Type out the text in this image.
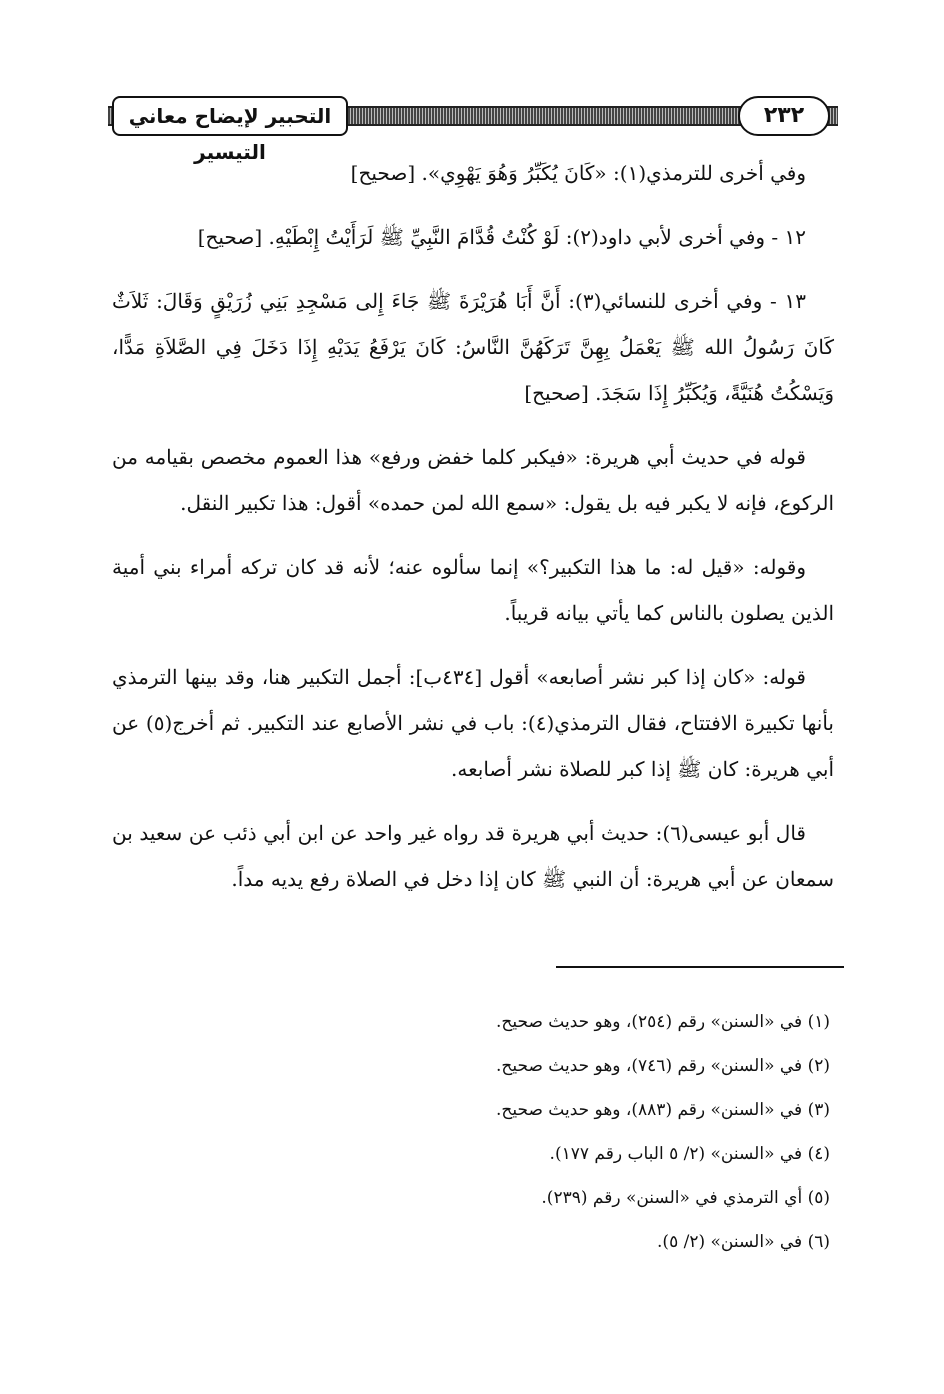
التحبير لإيضاح معاني التيسير
٢٣٢

وفي أخرى للترمذي(١): «كَانَ يُكَبِّرُ وَهُوَ يَهْوِي». [صحيح]

١٢ - وفي أخرى لأبي داود(٢): لَوْ كُنْتُ قُدَّامَ النَّبِيِّ ﷺ لَرَأَيْتُ إِبْطَيْهِ. [صحيح]

١٣ - وفي أخرى للنسائي(٣): أَنَّ أَبَا هُرَيْرَةَ ﷺ جَاءَ إِلى مَسْجِدِ بَنِي زُرَيْقٍ وَقَالَ: ثَلاَثٌ كَانَ رَسُولُ الله ﷺ يَعْمَلُ بِهِنَّ تَرَكَهُنَّ النَّاسُ: كَانَ يَرْفَعُ يَدَيْهِ إِذَا دَخَلَ فِي الصَّلاَةِ مَدًّا، وَيَسْكُتُ هُنَيَّةً، وَيُكَبِّرُ إِذَا سَجَدَ. [صحيح]

قوله في حديث أبي هريرة: «فيكبر كلما خفض ورفع» هذا العموم مخصص بقيامه من الركوع، فإنه لا يكبر فيه بل يقول: «سمع الله لمن حمده» أقول: هذا تكبير النقل.

وقوله: «قيل له: ما هذا التكبير؟» إنما سألوه عنه؛ لأنه قد كان تركه أمراء بني أمية الذين يصلون بالناس كما يأتي بيانه قريباً.

قوله: «كان إذا كبر نشر أصابعه» أقول [٤٣٤ب]: أجمل التكبير هنا، وقد بينها الترمذي بأنها تكبيرة الافتتاح، فقال الترمذي(٤): باب في نشر الأصابع عند التكبير. ثم أخرج(٥) عن أبي هريرة: كان ﷺ إذا كبر للصلاة نشر أصابعه.

قال أبو عيسى(٦): حديث أبي هريرة قد رواه غير واحد عن ابن أبي ذئب عن سعيد بن سمعان عن أبي هريرة: أن النبي ﷺ كان إذا دخل في الصلاة رفع يديه مداً.

(١) في «السنن» رقم (٢٥٤)، وهو حديث صحيح.
(٢) في «السنن» رقم (٧٤٦)، وهو حديث صحيح.
(٣) في «السنن» رقم (٨٨٣)، وهو حديث صحيح.
(٤) في «السنن» (٢/ ٥ الباب رقم ١٧٧).
(٥) أي الترمذي في «السنن» رقم (٢٣٩).
(٦) في «السنن» (٢/ ٥).
